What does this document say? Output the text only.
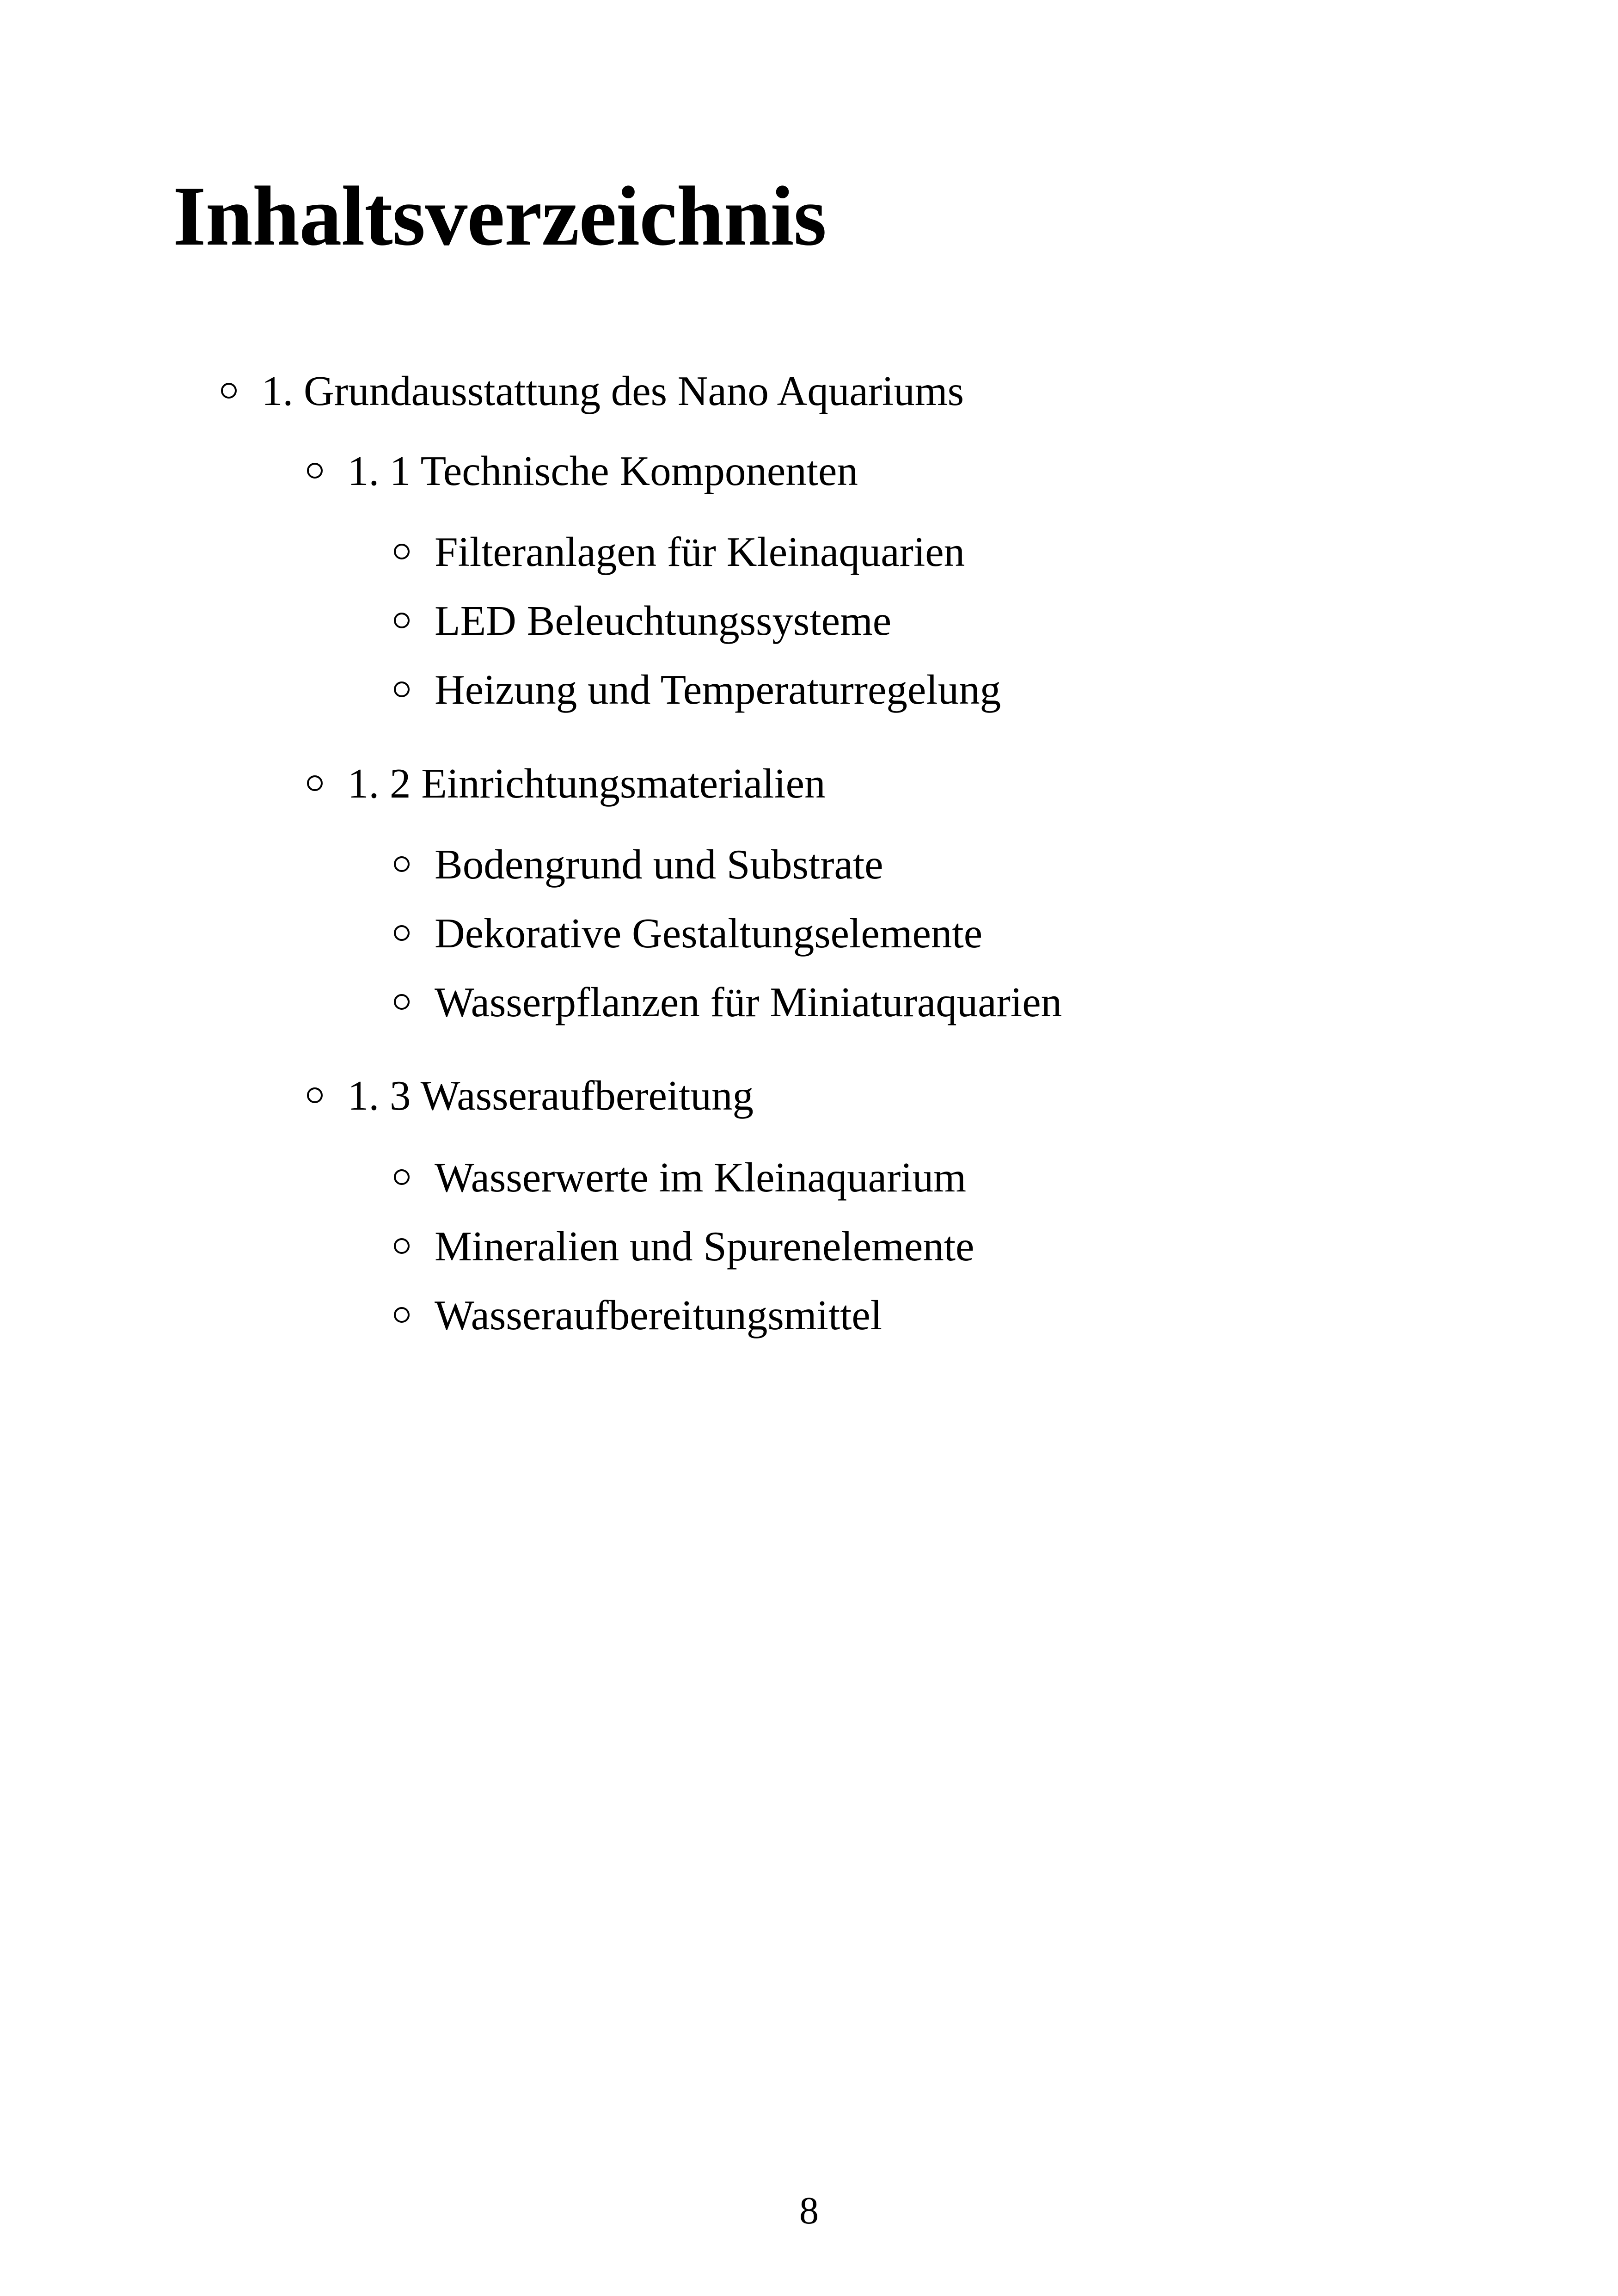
Inhaltsverzeichnis
1. Grundausstattung des Nano Aquariums
1. 1 Technische Komponenten
Filteranlagen für Kleinaquarien
LED Beleuchtungssysteme
Heizung und Temperaturregelung
1. 2 Einrichtungsmaterialien
Bodengrund und Substrate
Dekorative Gestaltungselemente
Wasserpflanzen für Miniaturaquarien
1. 3 Wasseraufbereitung
Wasserwerte im Kleinaquarium
Mineralien und Spurenelemente
Wasseraufbereitungsmittel
8
